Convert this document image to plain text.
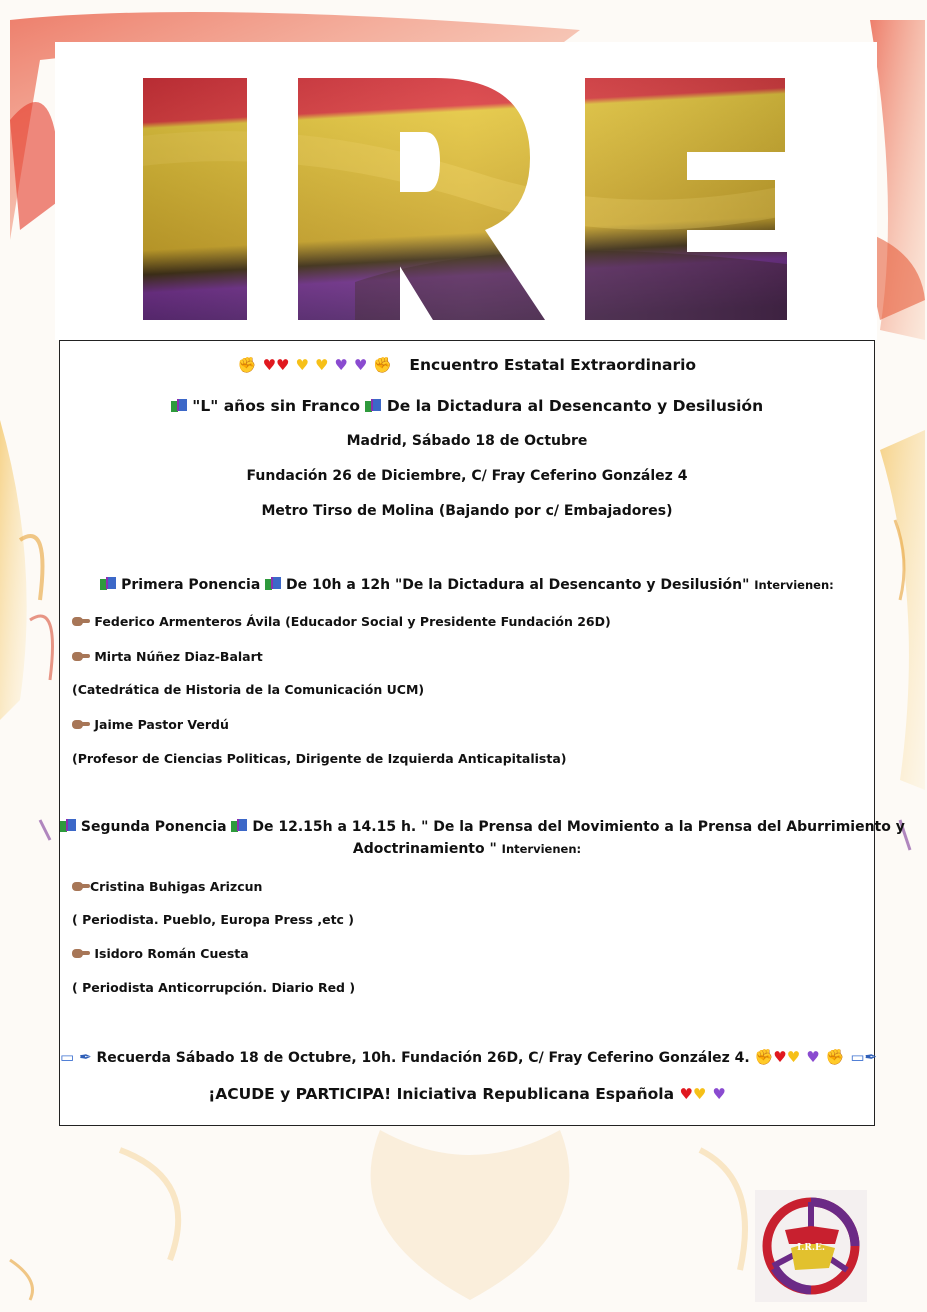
✊ ♥♥ ♥ ♥ ♥ ♥ ✊ Encuentro Estatal Extraordinario
"L" años sin Franco De la Dictadura al Desencanto y Desilusión
Madrid, Sábado 18 de Octubre
Fundación 26 de Diciembre, C/ Fray Ceferino González 4
Metro Tirso de Molina (Bajando por c/ Embajadores)
Primera Ponencia De 10h a 12h "De la Dictadura al Desencanto y Desilusión" Intervienen:
Federico Armenteros Ávila (Educador Social y Presidente Fundación 26D)
Mirta Núñez Diaz-Balart
(Catedrática de Historia de la Comunicación UCM)
Jaime Pastor Verdú
(Profesor de Ciencias Politicas, Dirigente de Izquierda Anticapitalista)
Segunda Ponencia De 12.15h a 14.15 h. " De la Prensa del Movimiento a la Prensa del Aburrimiento y
Adoctrinamiento " Intervienen:
Cristina Buhigas Arizcun
( Periodista. Pueblo, Europa Press ,etc )
Isidoro Román Cuesta
( Periodista Anticorrupción. Diario Red )
▭ ✒ Recuerda Sábado 18 de Octubre, 10h. Fundación 26D, C/ Fray Ceferino González 4. ✊♥♥ ♥ ✊ ▭✒
¡ACUDE y PARTICIPA! Iniciativa Republicana Española ♥♥ ♥
I.R.E.
